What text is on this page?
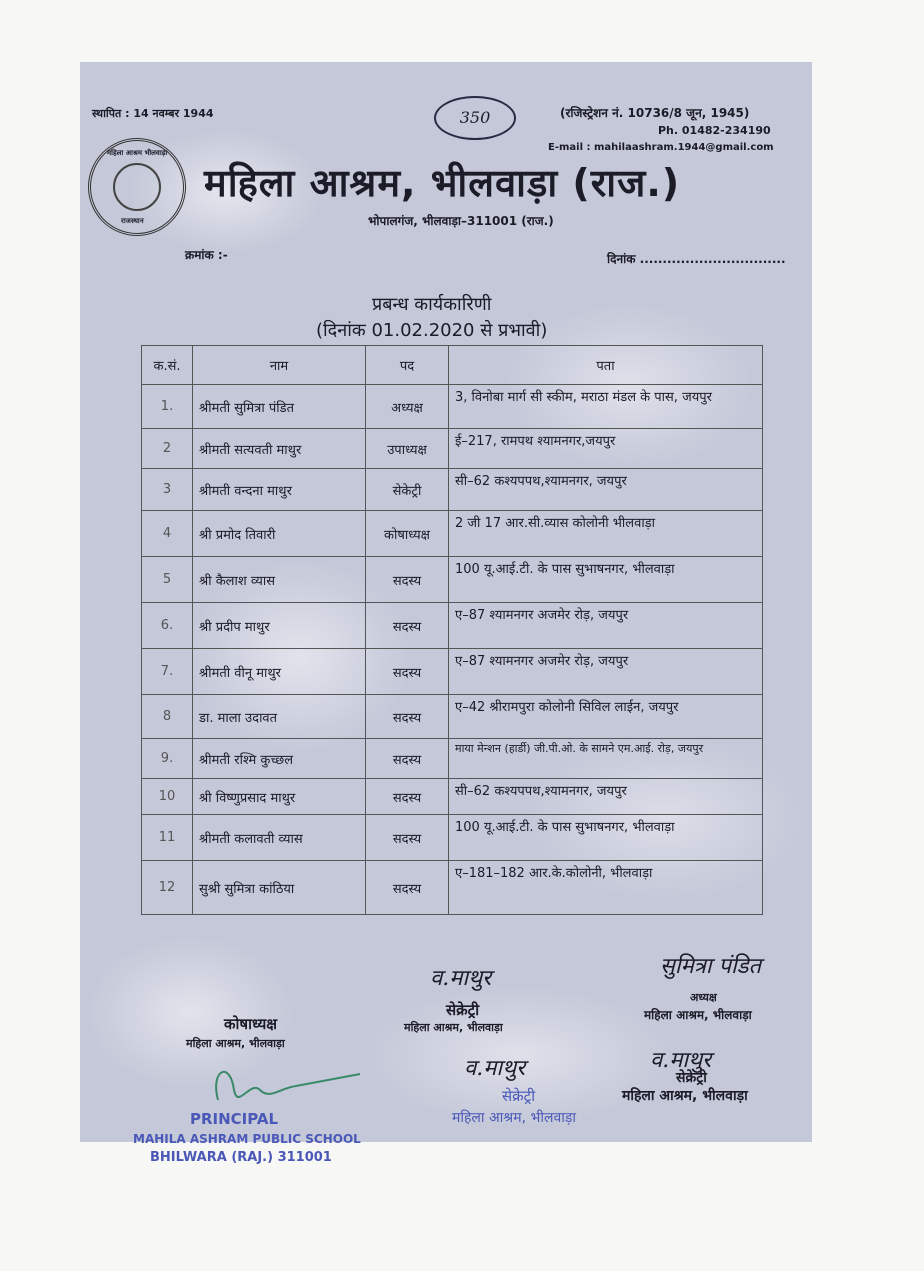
स्थापित : 14 नवम्बर 1944	350	(रजिस्ट्रेशन नं. 10736/8 जून, 1945)
Ph. 01482-234190
E-mail : mahilaashram.1944@gmail.com
महिला आश्रम भीलवाड़ा
राजस्थान
महिला आश्रम, भीलवाड़ा (राज.)
भोपालगंज, भीलवाड़ा–311001 (राज.)
क्रमांक :-	दिनांक ................................
प्रबन्ध कार्यकारिणी
(दिनांक 01.02.2020 से प्रभावी)
क.सं.	नाम	पद	पता
1.	श्रीमती सुमित्रा पंडित	अध्यक्ष	3, विनोबा मार्ग सी स्कीम, मराठा मंडल के पास, जयपुर
2	श्रीमती सत्यवती माथुर	उपाध्यक्ष	ई–217, रामपथ श्यामनगर,जयपुर
3	श्रीमती वन्दना माथुर	सेकेट्री	सी–62 कश्यपपथ,श्यामनगर, जयपुर
4	श्री प्रमोद तिवारी	कोषाध्यक्ष	2 जी 17 आर.सी.व्यास कोलोनी भीलवाड़ा
5	श्री कैलाश व्यास	सदस्य	100 यू.आई.टी. के पास सुभाषनगर, भीलवाड़ा
6.	श्री प्रदीप माथुर	सदस्य	ए–87 श्यामनगर अजमेर रोड़, जयपुर
7.	श्रीमती वीनू माथुर	सदस्य	ए–87 श्यामनगर अजमेर रोड़, जयपुर
8	डा. माला उदावत	सदस्य	ए–42 श्रीरामपुरा कोलोनी सिविल लाईन, जयपुर
9.	श्रीमती रश्मि कुच्छल	सदस्य	माया मेन्शन (हार्डी) जी.पी.ओ. के सामने एम.आई. रोड़, जयपुर
10	श्री विष्णुप्रसाद माथुर	सदस्य	सी–62 कश्यपपथ,श्यामनगर, जयपुर
11	श्रीमती कलावती व्यास	सदस्य	100 यू.आई.टी. के पास सुभाषनगर, भीलवाड़ा
12	सुश्री सुमित्रा कांठिया	सदस्य	ए–181–182 आर.के.कोलोनी, भीलवाड़ा
व.माथुर
सेक्रेट्री
महिला आश्रम, भीलवाड़ा
सुमित्रा पंडित
अध्यक्ष
महिला आश्रम, भीलवाड़ा
कोषाध्यक्ष
महिला आश्रम, भीलवाड़ा
व.माथुर
सेक्रेट्री
महिला आश्रम, भीलवाड़ा
व.माथुर
सेक्रेट्री
महिला आश्रम, भीलवाड़ा
PRINCIPAL
MAHILA ASHRAM PUBLIC SCHOOL
BHILWARA (RAJ.) 311001
